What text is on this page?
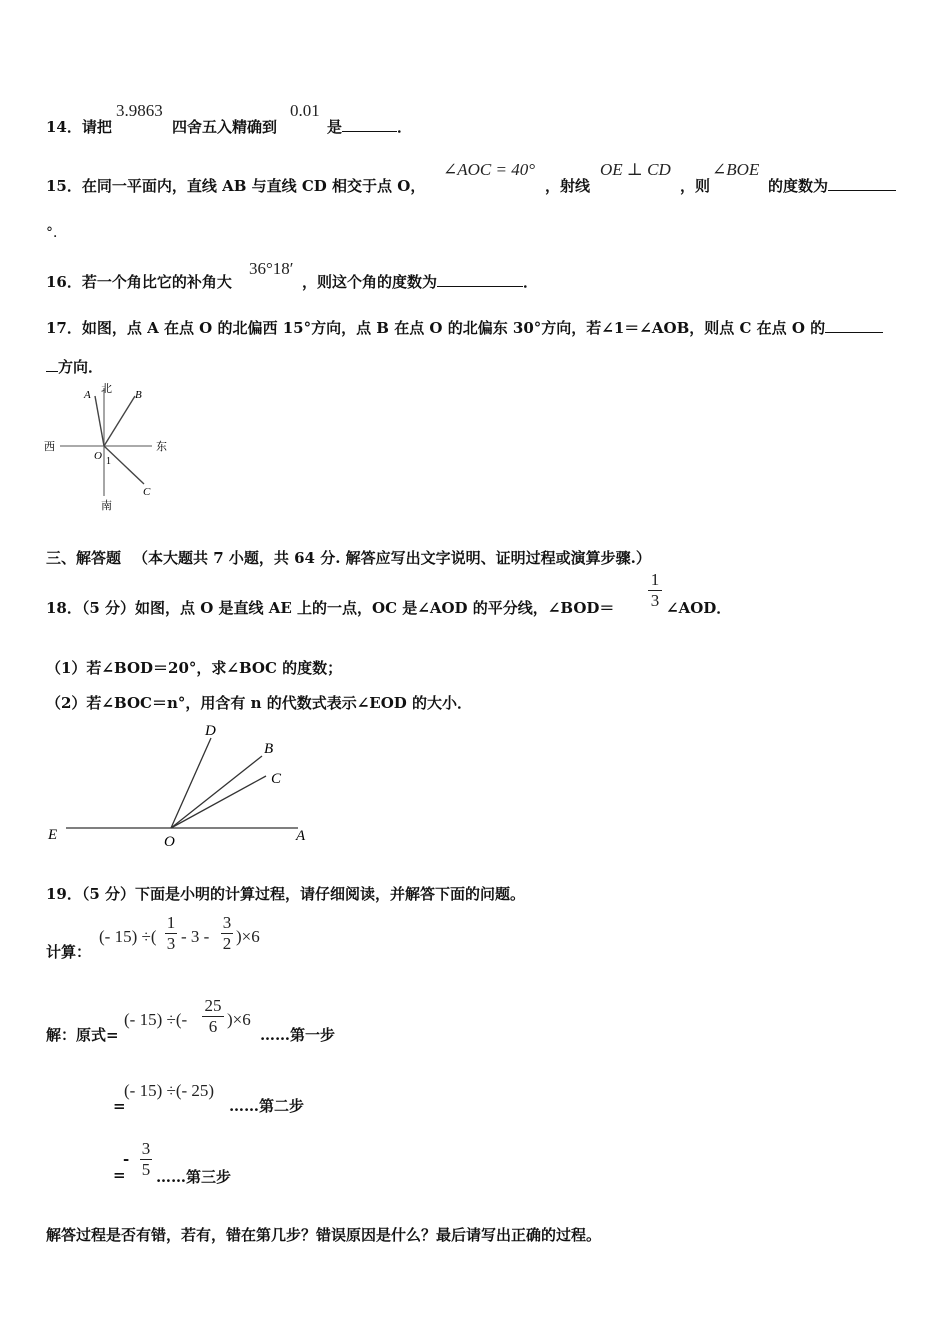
14．请把
3.9863
四舍五入精确到
0.01
是	．
15．在同一平面内，直线 AB 与直线 CD 相交于点 O，
∠AOC = 40°
，射线
OE ⊥ CD
，则
∠BOE
的度数为
°．
16．若一个角比它的补角大
36°18′
，则这个角的度数为	．
17．如图，点 A 在点 O 的北偏西 15°方向，点 B 在点 O 的北偏东 30°方向，若∠1＝∠AOB，则点 C 在点 O 的
方向．
北
南
西	东
A	B
C
O 1
三、解答题 （本大题共 7 小题，共 64 分. 解答应写出文字说明、证明过程或演算步骤.）
18．（5 分）如图，点 O 是直线 AE 上的一点，OC 是∠AOD 的平分线，∠BOD＝
1
3 ∠AOD．
（1）若∠BOD＝20°，求∠BOC 的度数；
（2）若∠BOC＝n°，用含有 n 的代数式表示∠EOD 的大小．
D
B
C
E	O	A
19．（5 分）下面是小明的计算过程，请仔细阅读，并解答下面的问题。
计算：
(- 15) ÷(
1
3 - 3 -
3
2 )×6
解：原式=
(- 15) ÷(-
25
6 )×6
……第一步
=
(- 15) ÷(- 25)
……第二步
=
-
3
5 ……第三步
解答过程是否有错，若有，错在第几步？错误原因是什么？最后请写出正确的过程。
